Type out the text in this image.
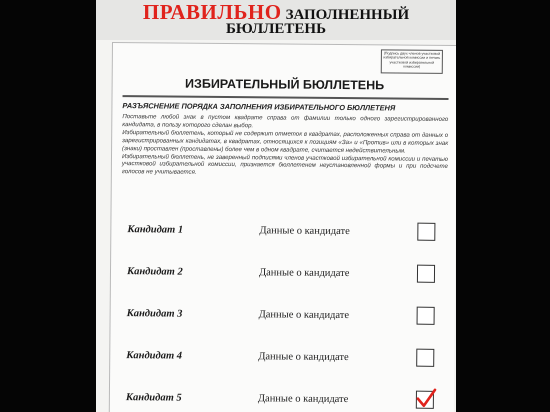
ПРАВИЛЬНО ЗАПОЛНЕННЫЙ
БЮЛЛЕТЕНЬ
(Подпись двух членов участковой избирательной комиссии и печать участковой избирательной комиссии)
ИЗБИРАТЕЛЬНЫЙ БЮЛЛЕТЕНЬ
РАЗЪЯСНЕНИЕ ПОРЯДКА ЗАПОЛНЕНИЯ ИЗБИРАТЕЛЬНОГО БЮЛЛЕТЕНЯ
Поставьте любой знак в пустом квадрате справа от фамилии только одного зарегистрированного кандидата, в пользу которого сделан выбор.
Избирательный бюллетень, который не содержит отметок в квадратах, расположенных справа от данных о зарегистрированных кандидатах, в квадратах, относящихся к позициям «За» и «Против» или в которых знак (знаки) проставлен (проставлены) более чем в одном квадрате, считается недействительным.
Избирательный бюллетень, не заверенный подписями членов участковой избирательной комиссии и печатью участковой избирательной комиссии, признается бюллетенем неустановленной формы и при подсчете голосов не учитывается.
Кандидат 1	Данные о кандидате
Кандидат 2	Данные о кандидате
Кандидат 3	Данные о кандидате
Кандидат 4	Данные о кандидате
Кандидат 5	Данные о кандидате
